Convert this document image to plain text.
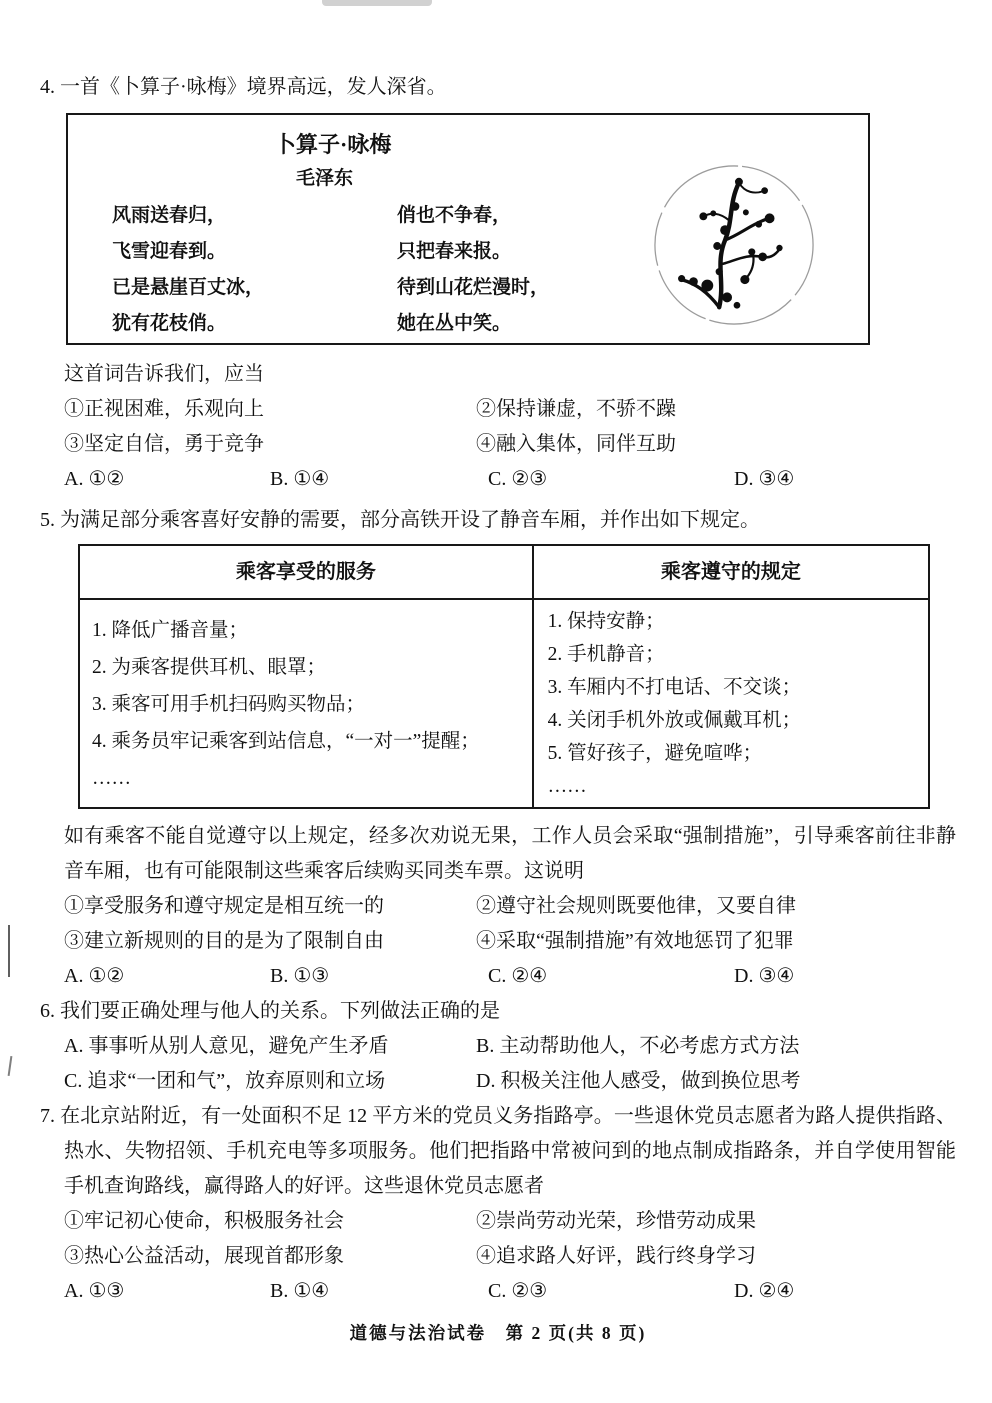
4. 一首《卜算子·咏梅》境界高远，发人深省。
卜算子·咏梅
毛泽东
风雨送春归，
飞雪迎春到。
已是悬崖百丈冰，
犹有花枝俏。
俏也不争春，
只把春来报。
待到山花烂漫时，
她在丛中笑。
这首词告诉我们，应当
①正视困难，乐观向上	②保持谦虚，不骄不躁
③坚定自信，勇于竞争	④融入集体，同伴互助
A. ①②	B. ①④	C. ②③	D. ③④
5. 为满足部分乘客喜好安静的需要，部分高铁开设了静音车厢，并作出如下规定。
乘客享受的服务	乘客遵守的规定
1. 降低广播音量；
2. 为乘客提供耳机、眼罩；
3. 乘客可用手机扫码购买物品；
4. 乘务员牢记乘客到站信息，“一对一”提醒；
……
1. 保持安静；
2. 手机静音；
3. 车厢内不打电话、不交谈；
4. 关闭手机外放或佩戴耳机；
5. 管好孩子，避免喧哗；
……
如有乘客不能自觉遵守以上规定，经多次劝说无果，工作人员会采取“强制措施”，引导乘客前往非静音车厢，也有可能限制这些乘客后续购买同类车票。这说明
①享受服务和遵守规定是相互统一的	②遵守社会规则既要他律，又要自律
③建立新规则的目的是为了限制自由	④采取“强制措施”有效地惩罚了犯罪
A. ①②	B. ①③	C. ②④	D. ③④
6. 我们要正确处理与他人的关系。下列做法正确的是
A. 事事听从别人意见，避免产生矛盾	B. 主动帮助他人，不必考虑方式方法
C. 追求“一团和气”，放弃原则和立场	D. 积极关注他人感受，做到换位思考
7. 在北京站附近，有一处面积不足 12 平方米的党员义务指路亭。一些退休党员志愿者为路人提供指路、热水、失物招领、手机充电等多项服务。他们把指路中常被问到的地点制成指路条，并自学使用智能手机查询路线，赢得路人的好评。这些退休党员志愿者
①牢记初心使命，积极服务社会	②崇尚劳动光荣，珍惜劳动成果
③热心公益活动，展现首都形象	④追求路人好评，践行终身学习
A. ①③	B. ①④	C. ②③	D. ②④
道德与法治试卷　第 2 页(共 8 页)
